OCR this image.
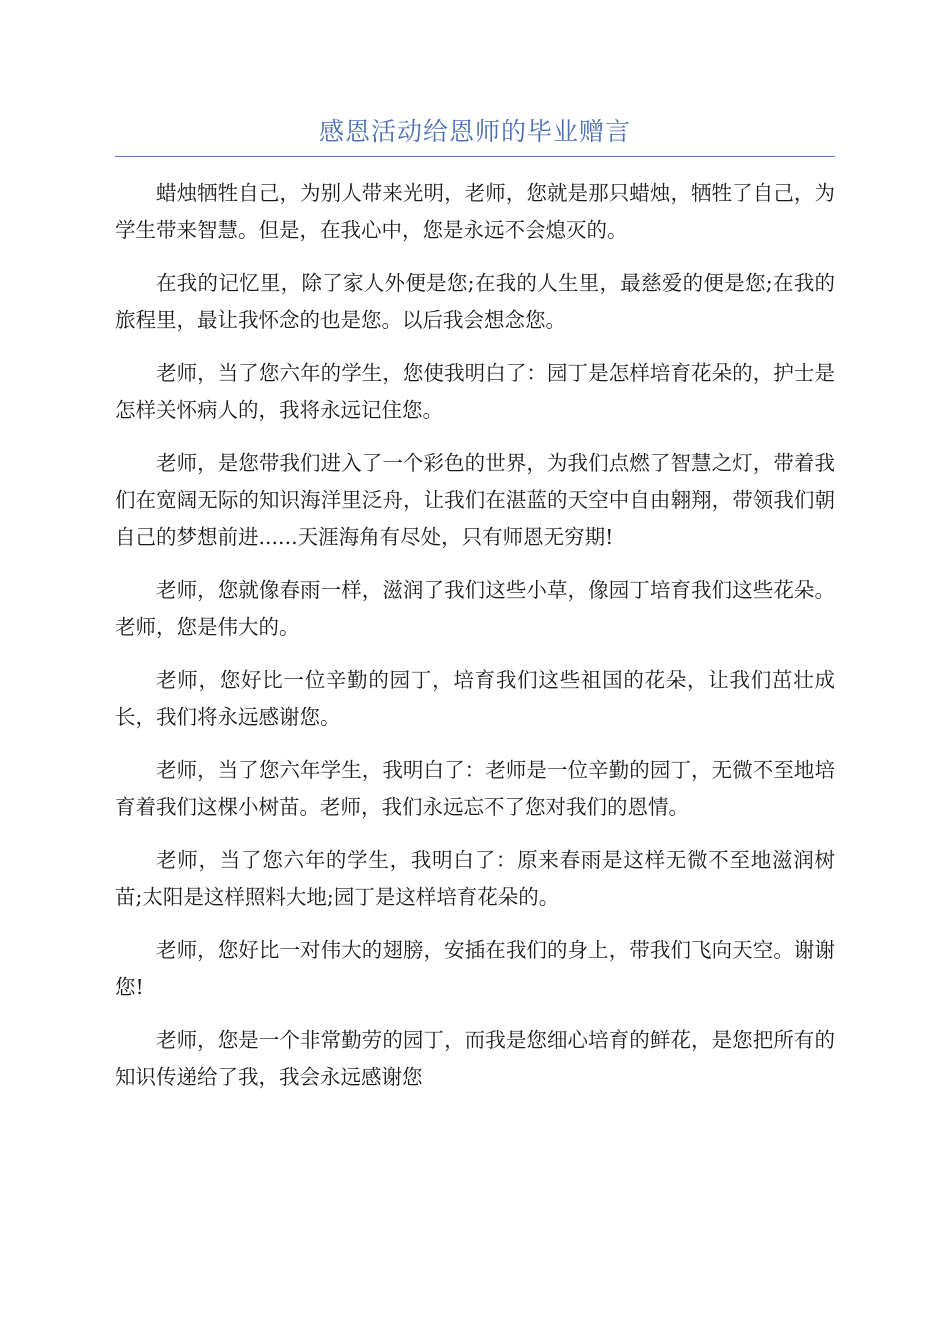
感恩活动给恩师的毕业赠言

蜡烛牺牲自己，为别人带来光明，老师，您就是那只蜡烛，牺牲了自己，为学生带来智慧。但是，在我心中，您是永远不会熄灭的。

在我的记忆里，除了家人外便是您;在我的人生里，最慈爱的便是您;在我的旅程里，最让我怀念的也是您。以后我会想念您。

老师，当了您六年的学生，您使我明白了：园丁是怎样培育花朵的，护士是怎样关怀病人的，我将永远记住您。

老师，是您带我们进入了一个彩色的世界，为我们点燃了智慧之灯，带着我们在宽阔无际的知识海洋里泛舟，让我们在湛蓝的天空中自由翱翔，带领我们朝自己的梦想前进......天涯海角有尽处，只有师恩无穷期!

老师，您就像春雨一样，滋润了我们这些小草，像园丁培育我们这些花朵。老师，您是伟大的。

老师，您好比一位辛勤的园丁，培育我们这些祖国的花朵，让我们茁壮成长，我们将永远感谢您。

老师，当了您六年学生，我明白了：老师是一位辛勤的园丁，无微不至地培育着我们这棵小树苗。老师，我们永远忘不了您对我们的恩情。

老师，当了您六年的学生，我明白了：原来春雨是这样无微不至地滋润树苗;太阳是这样照料大地;园丁是这样培育花朵的。

老师，您好比一对伟大的翅膀，安插在我们的身上，带我们飞向天空。谢谢您!

老师，您是一个非常勤劳的园丁，而我是您细心培育的鲜花，是您把所有的知识传递给了我，我会永远感谢您
